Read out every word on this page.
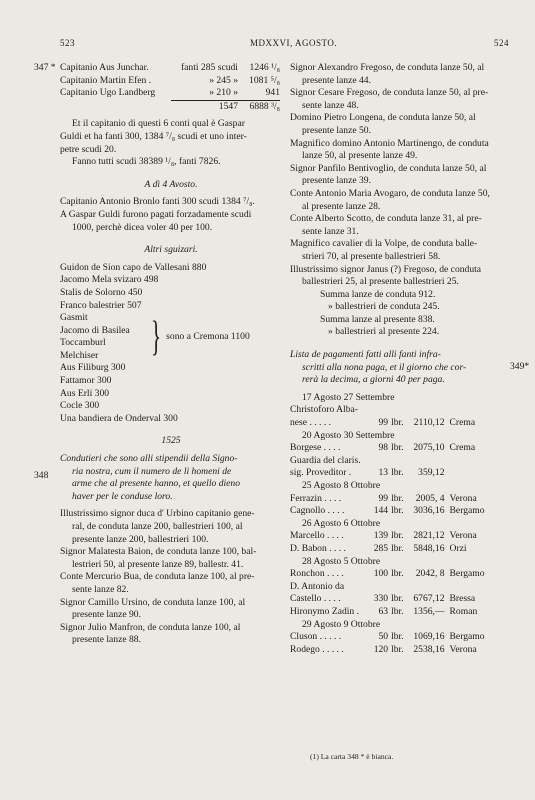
523	MDXXVI, AGOSTO.	524
347 *
348
349*
Capitanio Aus Junchar.	fanti 285 scudi	1246 ¹/₈
Capitanio Martin Efen .	» 245 »	1081 ⁵/₈
Capitanio Ugo Landberg	» 210 »	941
	1547	6888 ³/₈
Et il capitanio di questi 6 conti qual è Gaspar
Guldi et ha fanti 300, 1384 ⁷/₈ scudi et uno inter-
petre scudi 20.
Fanno tutti scudi 38389 ¹/₈, fanti 7826.
A dì 4 Avosto.
Capitanio Antonio Bronlo fanti 300 scudi 1384 ⁷/₈.
A Gaspar Guldi furono pagati forzadamente scudi
1000, perchè dicea voler 40 per 100.
Altri sguizari.
Guidon de Sion capo de Vallesani 880
Jacomo Mela svizaro 498
Stalis de Solorno 450
Franco balestrier 507
Gasmit
Jacomo di Basilea
Toccamburl
Melchiser	} sono a Cremona 1100
Aus Filiburg 300
Fattamor 300
Aus Erli 300
Cocle 300
Una bandiera de Onderval 300
1525
Condutieri che sono alli stipendii della Signo-
ria nostra, cum il numero de li homeni de
arme che al presente hanno, et quello dieno
haver per le conduse loro.
Illustrissimo signor duca d' Urbino capitanio gene-
ral, de conduta lanze 200, ballestrieri 100, al
presente lanze 200, ballestrieri 100.
Signor Malatesta Baion, de conduta lanze 100, bal-
lestrieri 50, al presente lanze 89, ballestr. 41.
Conte Mercurio Bua, de conduta lanze 100, al pre-
sente lanze 82.
Signor Camillo Ursino, de conduta lanze 100, al
presente lanze 90.
Signor Julio Manfron, de conduta lanze 100, al
presente lanze 88.
Signor Alexandro Fregoso, de conduta lanze 50, al
presente lanze 44.
Signor Cesare Fregoso, de conduta lanze 50, al pre-
sente lanze 48.
Domino Pietro Longena, de conduta lanze 50, al
presente lanze 50.
Magnifico domino Antonio Martinengo, de conduta
lanze 50, al presente lanze 49.
Signor Panfilo Bentivoglio, de conduta lanze 50, al
presente lanze 39.
Conte Antonio Maria Avogaro, de conduta lanze 50,
al presente lanze 28.
Conte Alberto Scotto, de conduta lanze 31, al pre-
sente lanze 31.
Magnifico cavalier di la Volpe, de conduta balle-
strieri 70, al presente ballestrieri 58.
Illustrissimo signor Janus (?) Fregoso, de conduta
ballestrieri 25, al presente ballestrieri 25.
Summa lanze de conduta 912.
» ballestrieri de conduta 245.
Summa lanze al presente 838.
» ballestrieri al presente 224.
Lista de pagamenti fatti alli fanti infra-
scritti alla nona paga, et il giorno che cor-
rerà la decima, a giorni 40 per paga.
17 Agosto 27 Settembre				
Christoforo Alba-				
nese . . . . .	99	lbr.	2110,12	Crema
20 Agosto 30 Settembre				
Borgese . . . .	98	lbr.	2075,10	Crema
Guardia del claris.				
sig. Proveditor .	13	lbr.	359,12	
25 Agosto 8 Ottobre				
Ferrazin . . . .	99	lbr.	2005, 4	Verona
Cagnollo . . . .	144	lbr.	3036,16	Bergamo
26 Agosto 6 Ottobre				
Marcello . . . .	139	lbr.	2821,12	Verona
D. Babon . . . .	285	lbr.	5848,16	Orzi
28 Agosto 5 Ottobre				
Ronchon . . . .	100	lbr.	2042, 8	Bergamo
D. Antonio da				
Castello . . . .	330	lbr.	6767,12	Bressa
Hironymo Zadin .	63	lbr.	1356,—	Roman
29 Agosto 9 Ottobre				
Cluson . . . . .	50	lbr.	1069,16	Bergamo
Rodego . . . . .	120	lbr.	2538,16	Verona
(1) La carta 348 * è bianca.
